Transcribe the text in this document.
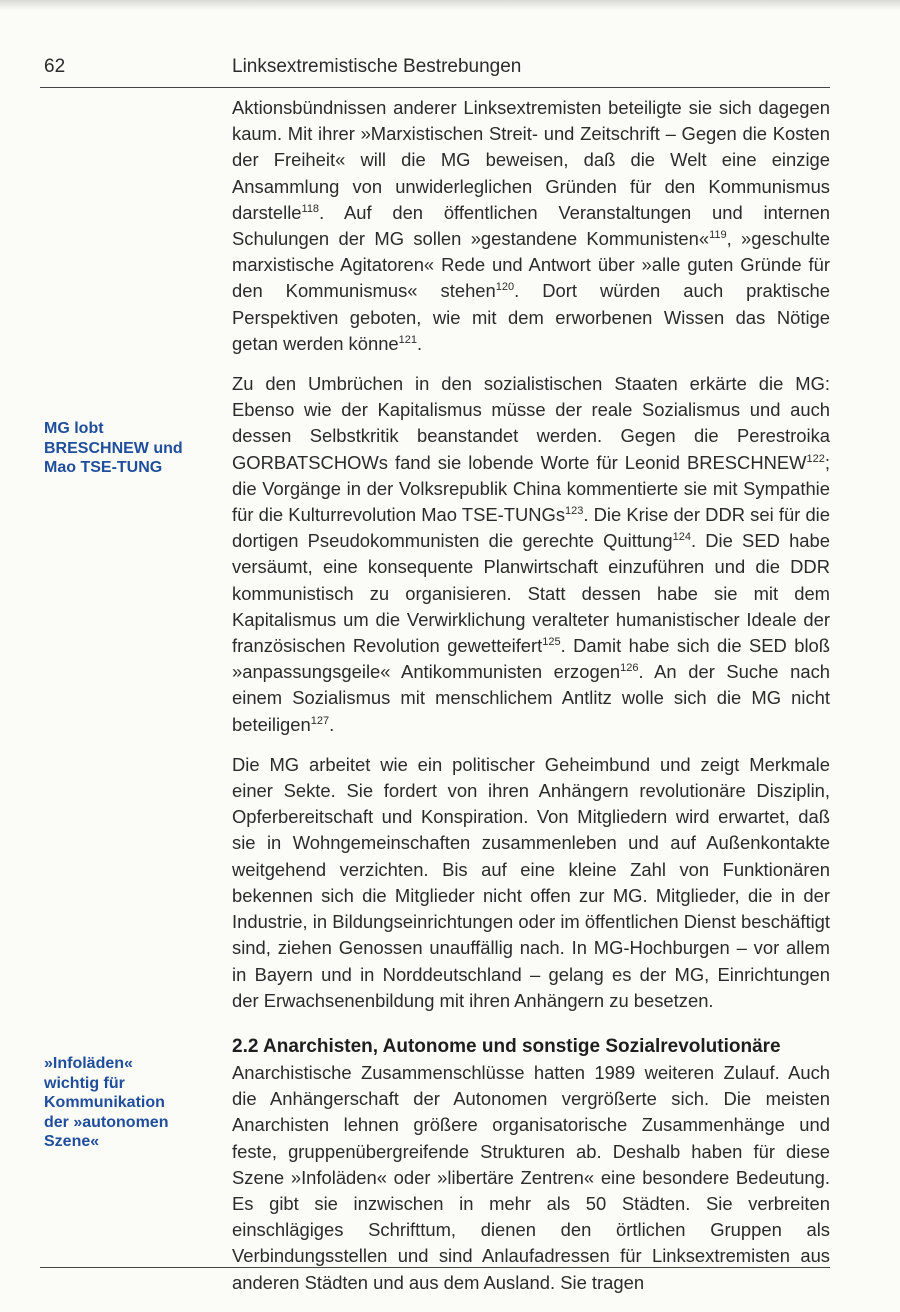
62	Linksextremistische Bestrebungen
MG lobt
BRESCHNEW und
Mao TSE-TUNG
»Infoläden«
wichtig für
Kommunikation
der »autonomen
Szene«

Aktionsbündnissen anderer Linksextremisten beteiligte sie sich dagegen kaum. Mit ihrer »Marxistischen Streit- und Zeitschrift – Gegen die Kosten der Freiheit« will die MG beweisen, daß die Welt eine einzige Ansammlung von unwiderleglichen Gründen für den Kommunismus darstelle$^{118}$. Auf den öffentlichen Veranstaltungen und internen Schulungen der MG sollen »gestandene Kommunisten«$^{119}$, »geschulte marxistische Agitatoren« Rede und Antwort über »alle guten Gründe für den Kommunismus« stehen$^{120}$. Dort würden auch praktische Perspektiven geboten, wie mit dem erworbenen Wissen das Nötige getan werden könne$^{121}$.

Zu den Umbrüchen in den sozialistischen Staaten erkärte die MG: Ebenso wie der Kapitalismus müsse der reale Sozialismus und auch dessen Selbstkritik beanstandet werden. Gegen die Perestroika GORBATSCHOWs fand sie lobende Worte für Leonid BRESCHNEW$^{122}$; die Vorgänge in der Volksrepublik China kommentierte sie mit Sympathie für die Kulturrevolution Mao TSE-TUNGs$^{123}$. Die Krise der DDR sei für die dortigen Pseudokommunisten die gerechte Quittung$^{124}$. Die SED habe versäumt, eine konsequente Planwirtschaft einzuführen und die DDR kommunistisch zu organisieren. Statt dessen habe sie mit dem Kapitalismus um die Verwirklichung veralteter humanistischer Ideale der französischen Revolution gewetteifert$^{125}$. Damit habe sich die SED bloß »anpassungsgeile« Antikommunisten erzogen$^{126}$. An der Suche nach einem Sozialismus mit menschlichem Antlitz wolle sich die MG nicht beteiligen$^{127}$.

Die MG arbeitet wie ein politischer Geheimbund und zeigt Merkmale einer Sekte. Sie fordert von ihren Anhängern revolutionäre Disziplin, Opferbereitschaft und Konspiration. Von Mitgliedern wird erwartet, daß sie in Wohngemeinschaften zusammenleben und auf Außenkontakte weitgehend verzichten. Bis auf eine kleine Zahl von Funktionären bekennen sich die Mitglieder nicht offen zur MG. Mitglieder, die in der Industrie, in Bildungseinrichtungen oder im öffentlichen Dienst beschäftigt sind, ziehen Genossen unauffällig nach. In MG-Hochburgen – vor allem in Bayern und in Norddeutschland – gelang es der MG, Einrichtungen der Erwachsenenbildung mit ihren Anhängern zu besetzen.

2.2 Anarchisten, Autonome und sonstige Sozialrevolutionäre

Anarchistische Zusammenschlüsse hatten 1989 weiteren Zulauf. Auch die Anhängerschaft der Autonomen vergrößerte sich. Die meisten Anarchisten lehnen größere organisatorische Zusammenhänge und feste, gruppenübergreifende Strukturen ab. Deshalb haben für diese Szene »Infoläden« oder »libertäre Zentren« eine besondere Bedeutung. Es gibt sie inzwischen in mehr als 50 Städten. Sie verbreiten einschlägiges Schrifttum, dienen den örtlichen Gruppen als Verbindungsstellen und sind Anlaufadressen für Linksextremisten aus anderen Städten und aus dem Ausland. Sie tragen
